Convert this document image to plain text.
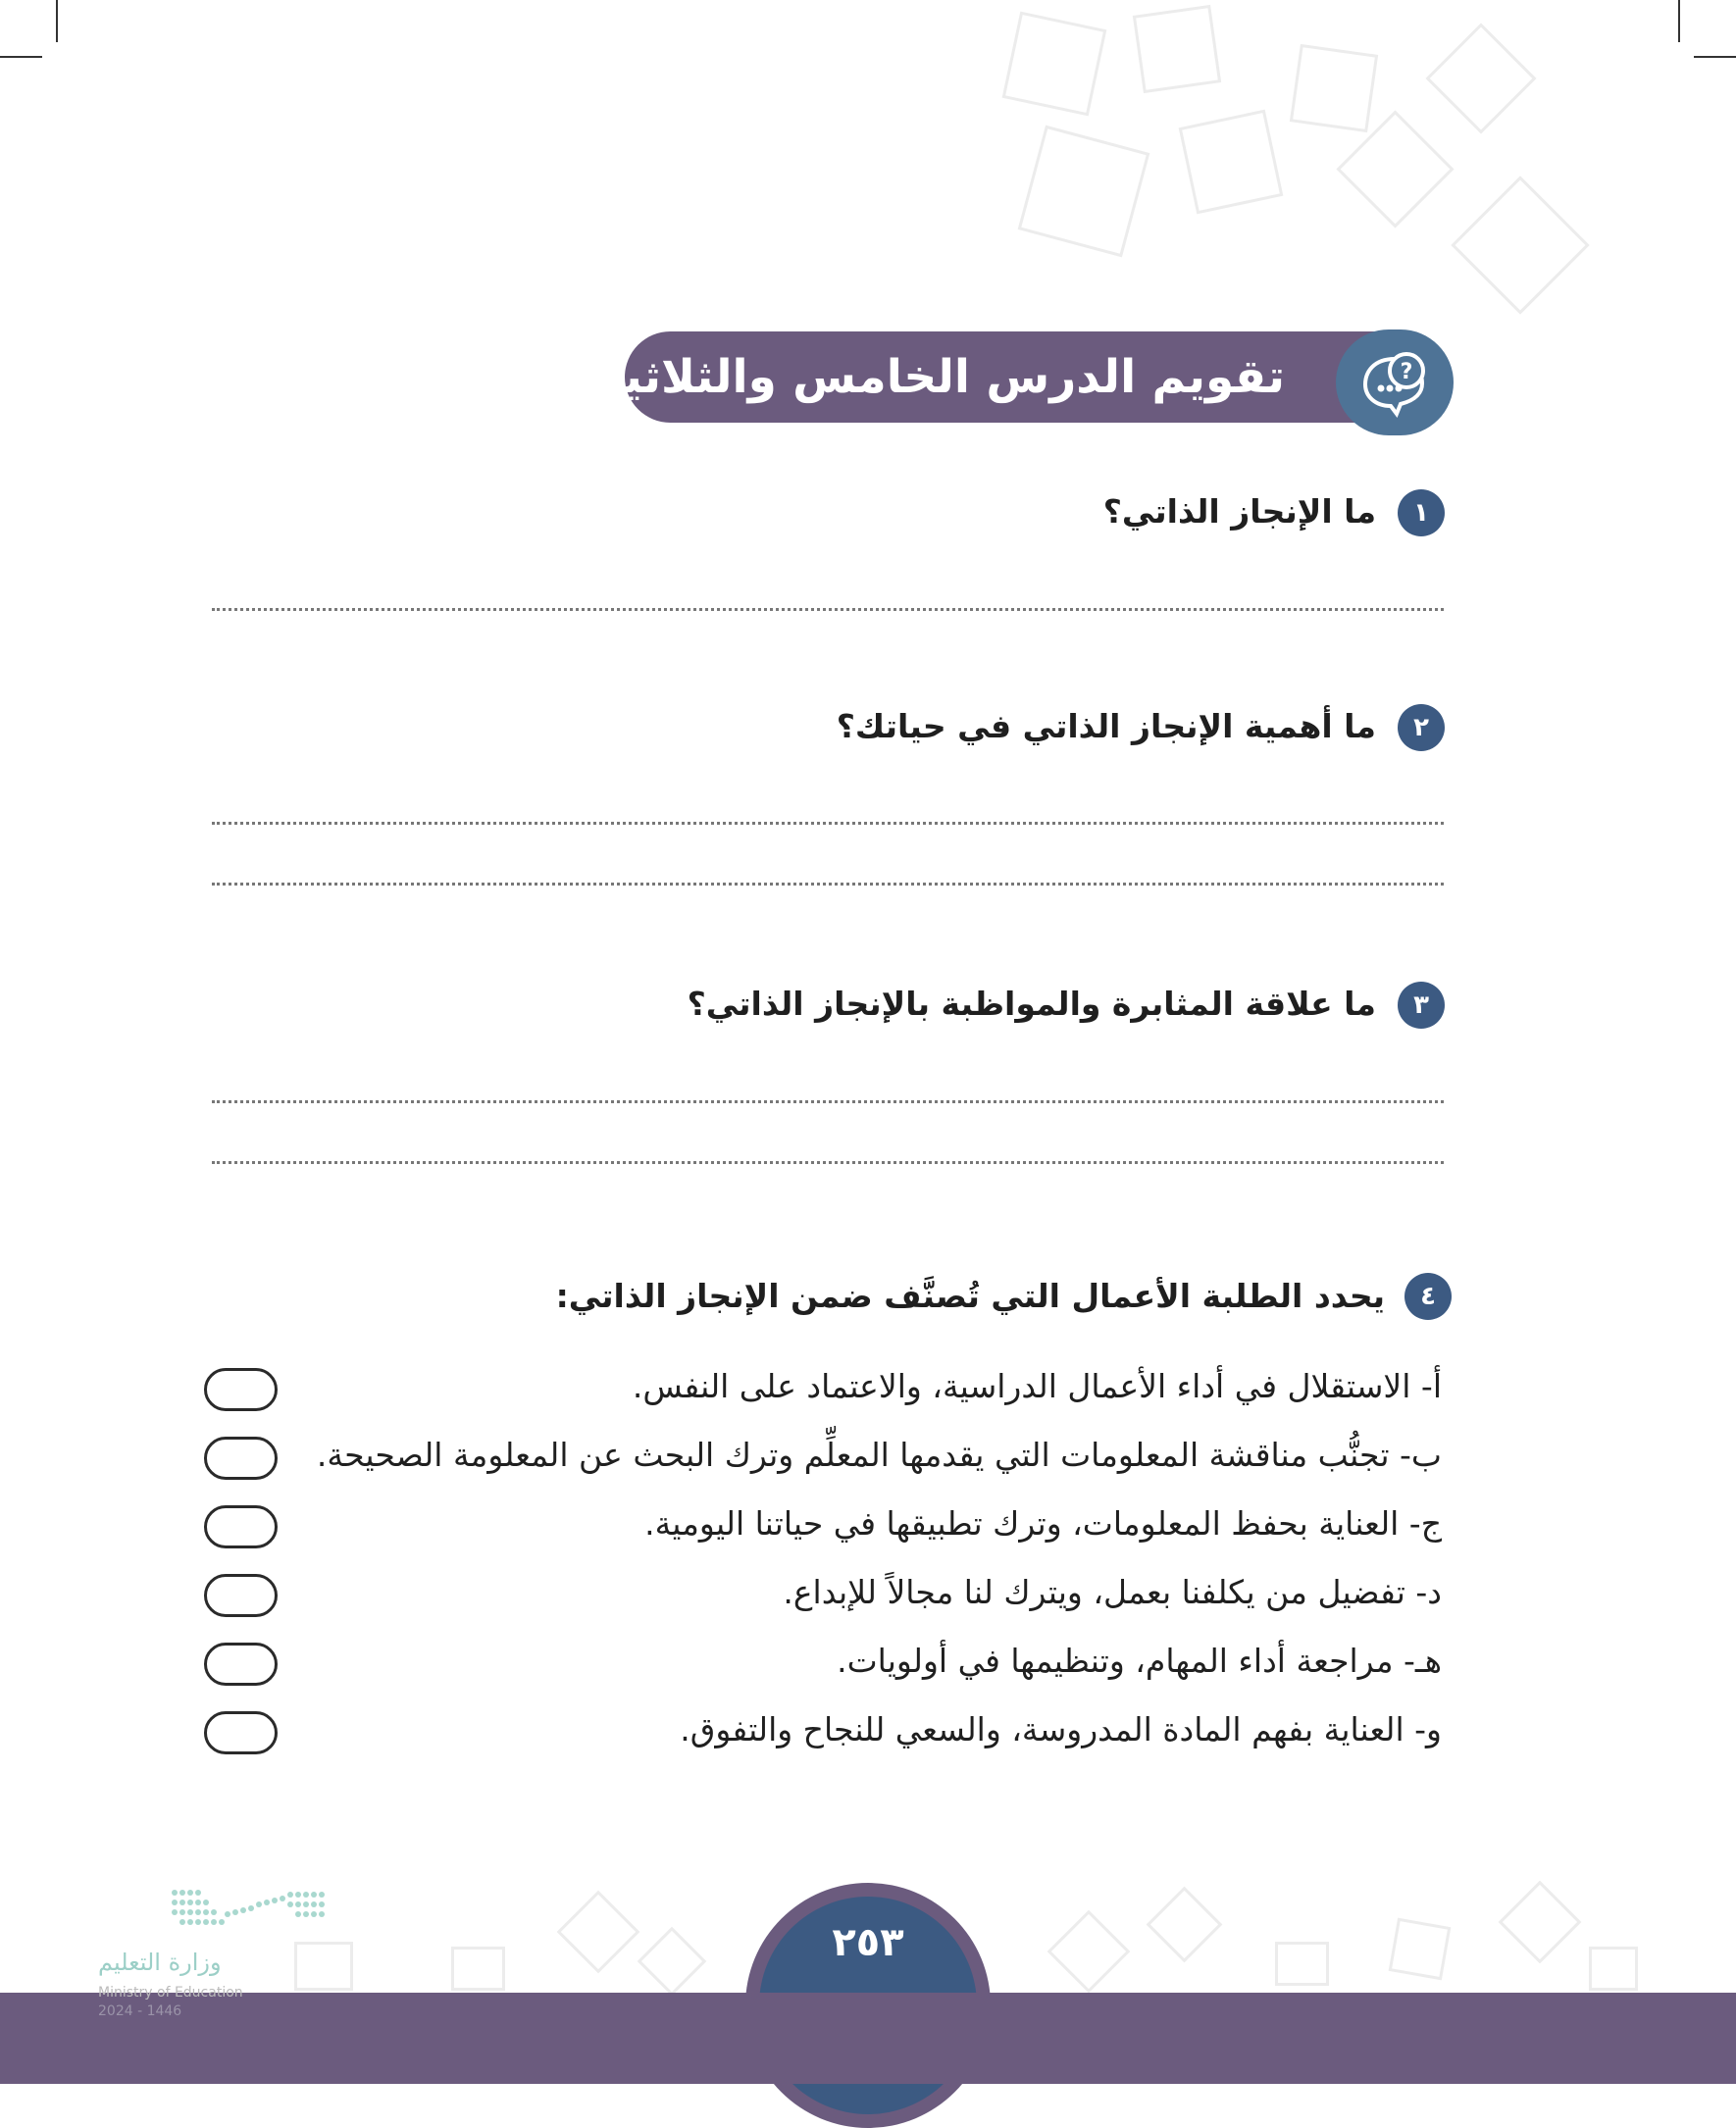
تقويم الدرس الخامس والثلاثين	?
١
ما الإنجاز الذاتي؟
٢
ما أهمية الإنجاز الذاتي في حياتك؟
٣
ما علاقة المثابرة والمواظبة بالإنجاز الذاتي؟
٤
يحدد الطلبة الأعمال التي تُصنَّف ضمن الإنجاز الذاتي:
أ- الاستقلال في أداء الأعمال الدراسية، والاعتماد على النفس.
ب- تجنُّب مناقشة المعلومات التي يقدمها المعلِّم وترك البحث عن المعلومة الصحيحة.
ج- العناية بحفظ المعلومات، وترك تطبيقها في حياتنا اليومية.
د- تفضيل من يكلفنا بعمل، ويترك لنا مجالاً للإبداع.
هـ- مراجعة أداء المهام، وتنظيمها في أولويات.
و- العناية بفهم المادة المدروسة، والسعي للنجاح والتفوق.
٢٥٣
وزارة التعليم
Ministry of Education
2024 - 1446
